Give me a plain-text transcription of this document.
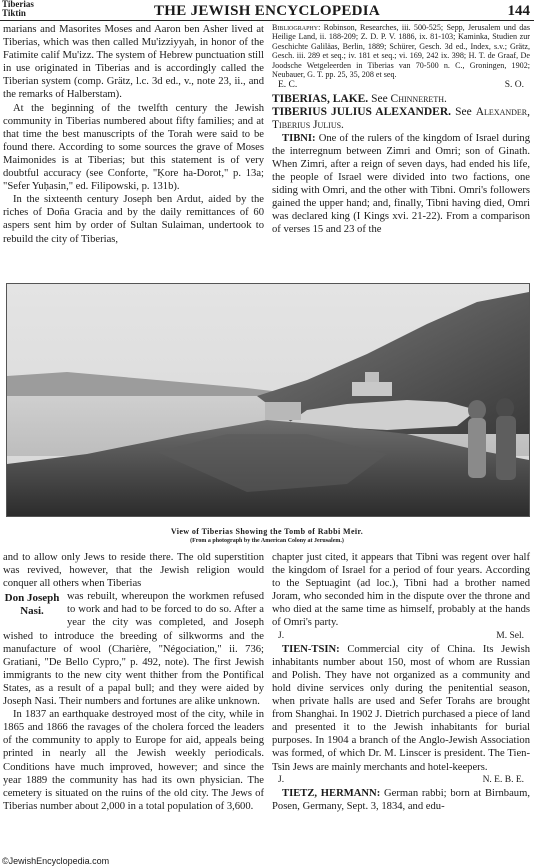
Tiberias
Tiktin	THE JEWISH ENCYCLOPEDIA	144

marians and Masorites Moses and Aaron ben Asher lived at Tiberias, which was then called Mu'izziyyah, in honor of the Fatimite calif Mu'izz. The system of Hebrew punctuation still in use originated in Tiberias and is accordingly called the Tiberian system (comp. Grätz, l.c. 3d ed., v., note 23, ii., and the remarks of Halberstam).

At the beginning of the twelfth century the Jewish community in Tiberias numbered about fifty families; and at that time the best manuscripts of the Torah were said to be found there. According to some sources the grave of Moses Maimonides is at Tiberias; but this statement is of very doubtful accuracy (see Conforte, "Ḳore ha-Dorot," p. 13a; "Sefer Yuḥasin," ed. Filipowski, p. 131b).

In the sixteenth century Joseph ben Ardut, aided by the riches of Doña Gracia and by the daily remittances of 60 aspers sent him by order of Sultan Sulaiman, undertook to rebuild the city of Tiberias,

Bibliography: Robinson, Researches, iii. 500-525; Sepp, Jerusalem und das Heilige Land, ii. 188-209; Z. D. P. V. 1886, ix. 81-103; Kaminka, Studien zur Geschichte Galiläas, Berlin, 1889; Schürer, Gesch. 3d ed., Index, s.v.; Grätz, Gesch. iii. 289 et seq.; iv. 181 et seq.; vi. 169, 242 ix. 398; H. T. de Graaf, De Joodsche Wetgeleerden in Tiberias van 70-500 n. C., Groningen, 1902; Neubauer, G. T. pp. 25, 35, 208 et seq.

E. C.	S. O.

TIBERIAS, LAKE. See Chinnereth.

TIBERIUS JULIUS ALEXANDER. See Alexander, Tiberius Julius.

TIBNI: One of the rulers of the kingdom of Israel during the interregnum between Zimri and Omri; son of Ginath. When Zimri, after a reign of seven days, had ended his life, the people of Israel were divided into two factions, one siding with Omri, and the other with Tibni. Omri's followers gained the upper hand; and, finally, Tibni having died, Omri was declared king (I Kings xvi. 21-22). From a comparison of verses 15 and 23 of the

View of Tiberias Showing the Tomb of Rabbi Meïr.
(From a photograph by the American Colony at Jerusalem.)

and to allow only Jews to reside there. The old superstition was revived, however, that the Jewish religion would conquer all others when Tiberias

Don Joseph Nasi.
was rebuilt, whereupon the workmen refused to work and had to be forced to do so. After a year the city was completed, and Joseph wished to introduce the breeding of silkworms and the manufacture of wool (Charière, "Négociation," ii. 736; Gratiani, "De Bello Cypro," p. 492, note). The first Jewish immigrants to the new city went thither from the Pontifical States, as a result of a papal bull; and they were aided by Joseph Nasi. Their numbers and fortunes are alike unknown.

In 1837 an earthquake destroyed most of the city, while in 1865 and 1866 the ravages of the cholera forced the leaders of the community to apply to Europe for aid, appeals being printed in nearly all the Jewish weekly periodicals. Conditions have much improved, however; and since the year 1889 the community has had its own physician. The cemetery is situated on the ruins of the old city. The Jews of Tiberias number about 2,000 in a total population of 3,600.

chapter just cited, it appears that Tibni was regent over half the kingdom of Israel for a period of four years. According to the Septuagint (ad loc.), Tibni had a brother named Joram, who seconded him in the dispute over the throne and who died at the same time as himself, probably at the hands of Omri's party.

J.	M. Sel.

TIEN-TSIN: Commercial city of China. Its Jewish inhabitants number about 150, most of whom are Russian and Polish. They have not organized as a community and hold divine services only during the penitential season, when private halls are used and Sefer Torahs are brought from Shanghai. In 1902 J. Dietrich purchased a piece of land and presented it to the Jewish inhabitants for burial purposes. In 1904 a branch of the Anglo-Jewish Association was formed, of which Dr. M. Linscer is president. The Tien-Tsin Jews are mainly merchants and hotel-keepers.

J.	N. E. B. E.

TIETZ, HERMANN: German rabbi; born at Birnbaum, Posen, Germany, Sept. 3, 1834, and edu-

©JewishEncyclopedia.com
